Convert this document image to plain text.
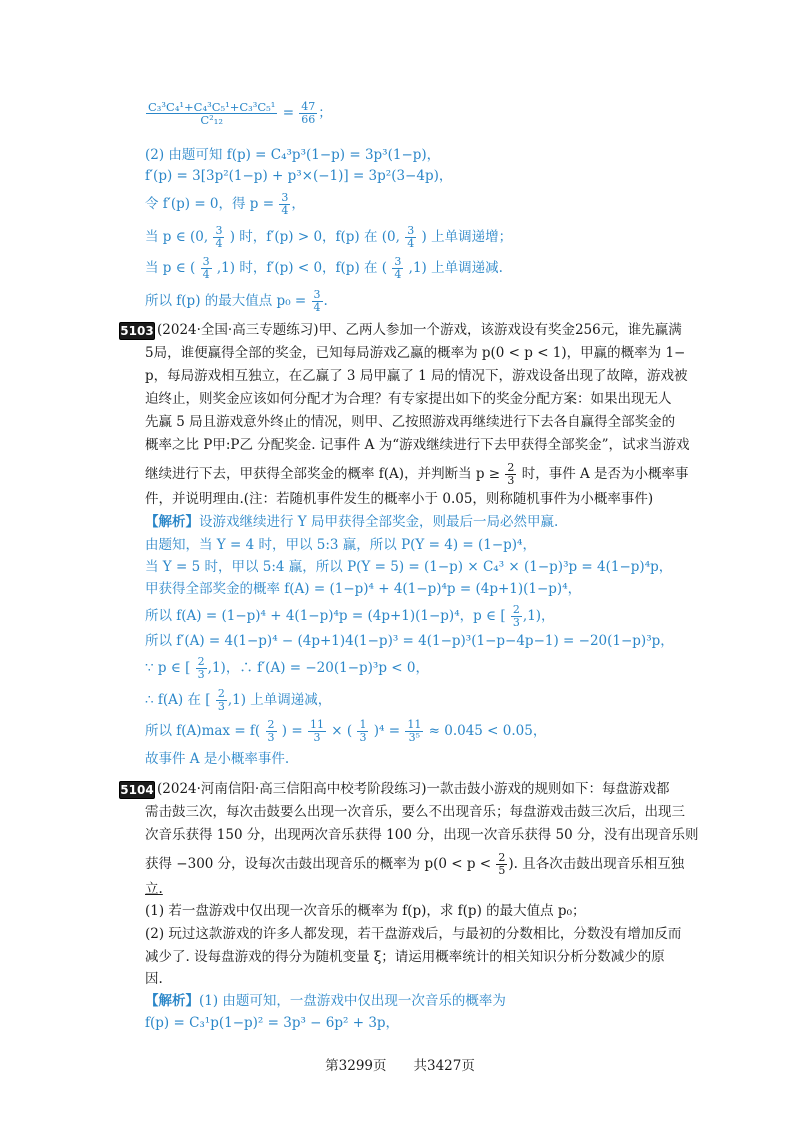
$\frac{\text{C₃³C₄¹+C₄³C₅¹+C₃³C₅¹}}{\text{C²₁₂}} = \frac{47}{66}$ ；
(2) 由题可知 f(p) = C₄³p³(1−p) = 3p³(1−p)，
f′(p) = 3[3p²(1−p) + p³×(−1)] = 3p²(3−4p)，
令 f′(p) = 0，得 $p = \frac{3}{4}$ ，
当 p ∈ (0, $\frac{3}{4}$ ) 时，f′(p) > 0，f(p) 在 (0, $\frac{3}{4}$ ) 上单调递增；
当 p ∈ ( $\frac{3}{4} ,1$) 时，f′(p) < 0，f(p) 在 ( $\frac{3}{4} ,1$) 上单调递减.
所以 f(p) 的最大值点 $p_0 = \frac{3}{4}$ .
5103 (2024·全国·高三专题练习)甲、乙两人参加一个游戏，该游戏设有奖金256元，谁先赢满
5局，谁便赢得全部的奖金，已知每局游戏乙赢的概率为 p(0 < p < 1)，甲赢的概率为 1−
p，每局游戏相互独立，在乙赢了 3 局甲赢了 1 局的情况下，游戏设备出现了故障，游戏被
迫终止，则奖金应该如何分配才为合理？有专家提出如下的奖金分配方案：如果出现无人
先赢 5 局且游戏意外终止的情况，则甲、乙按照游戏再继续进行下去各自赢得全部奖金的
概率之比 P甲:P乙 分配奖金. 记事件 A 为“游戏继续进行下去甲获得全部奖金”，试求当游戏
继续进行下去，甲获得全部奖金的概率 f(A)，并判断当 $p \ge \frac{2}{3}$ 时，事件 A 是否为小概率事
件，并说明理由.(注：若随机事件发生的概率小于 0.05，则称随机事件为小概率事件)
【解析】设游戏继续进行 Y 局甲获得全部奖金，则最后一局必然甲赢.
由题知，当 Y = 4 时，甲以 5:3 赢，所以 P(Y = 4) = (1−p)⁴，
当 Y = 5 时，甲以 5:4 赢，所以 P(Y = 5) = (1−p) × C₄³ × (1−p)³p = 4(1−p)⁴p，
甲获得全部奖金的概率 f(A) = (1−p)⁴ + 4(1−p)⁴p = (4p+1)(1−p)⁴，
所以 f(A) = (1−p)⁴ + 4(1−p)⁴p = (4p+1)(1−p)⁴，p ∈ [ $\frac{2}{3} ,1$)，
所以 f′(A) = 4(1−p)⁴ − (4p+1)4(1−p)³ = 4(1−p)³(1−p−4p−1) = −20(1−p)³p，
∵ p ∈ [ $\frac{2}{3} ,1$)，∴ f′(A) = −20(1−p)³p < 0，
∴ f(A) 在 [ $\frac{2}{3} ,1$) 上单调递减，
所以 $f(A)\max = f( \frac{2}{3}$ ) = $\frac{11}{3}$ × ( $\frac{1}{3} )^4 = \frac{11}{\text{3⁵}} \approx 0.045 < 0.05$，
故事件 A 是小概率事件.
5104 (2024·河南信阳·高三信阳高中校考阶段练习)一款击鼓小游戏的规则如下：每盘游戏都
需击鼓三次，每次击鼓要么出现一次音乐，要么不出现音乐；每盘游戏击鼓三次后，出现三
次音乐获得 150 分，出现两次音乐获得 100 分，出现一次音乐获得 50 分，没有出现音乐则
获得 −300 分，设每次击鼓出现音乐的概率为 $p(0 < p < \frac{2}{5}$ ). 且各次击鼓出现音乐相互独
立.
(1) 若一盘游戏中仅出现一次音乐的概率为 f(p)，求 f(p) 的最大值点 p₀；
(2) 玩过这款游戏的许多人都发现，若干盘游戏后，与最初的分数相比，分数没有增加反而
减少了. 设每盘游戏的得分为随机变量 ξ；请运用概率统计的相关知识分析分数减少的原
因.
【解析】(1) 由题可知，一盘游戏中仅出现一次音乐的概率为
f(p) = C₃¹p(1−p)² = 3p³ − 6p² + 3p，
第3299页　　共3427页
